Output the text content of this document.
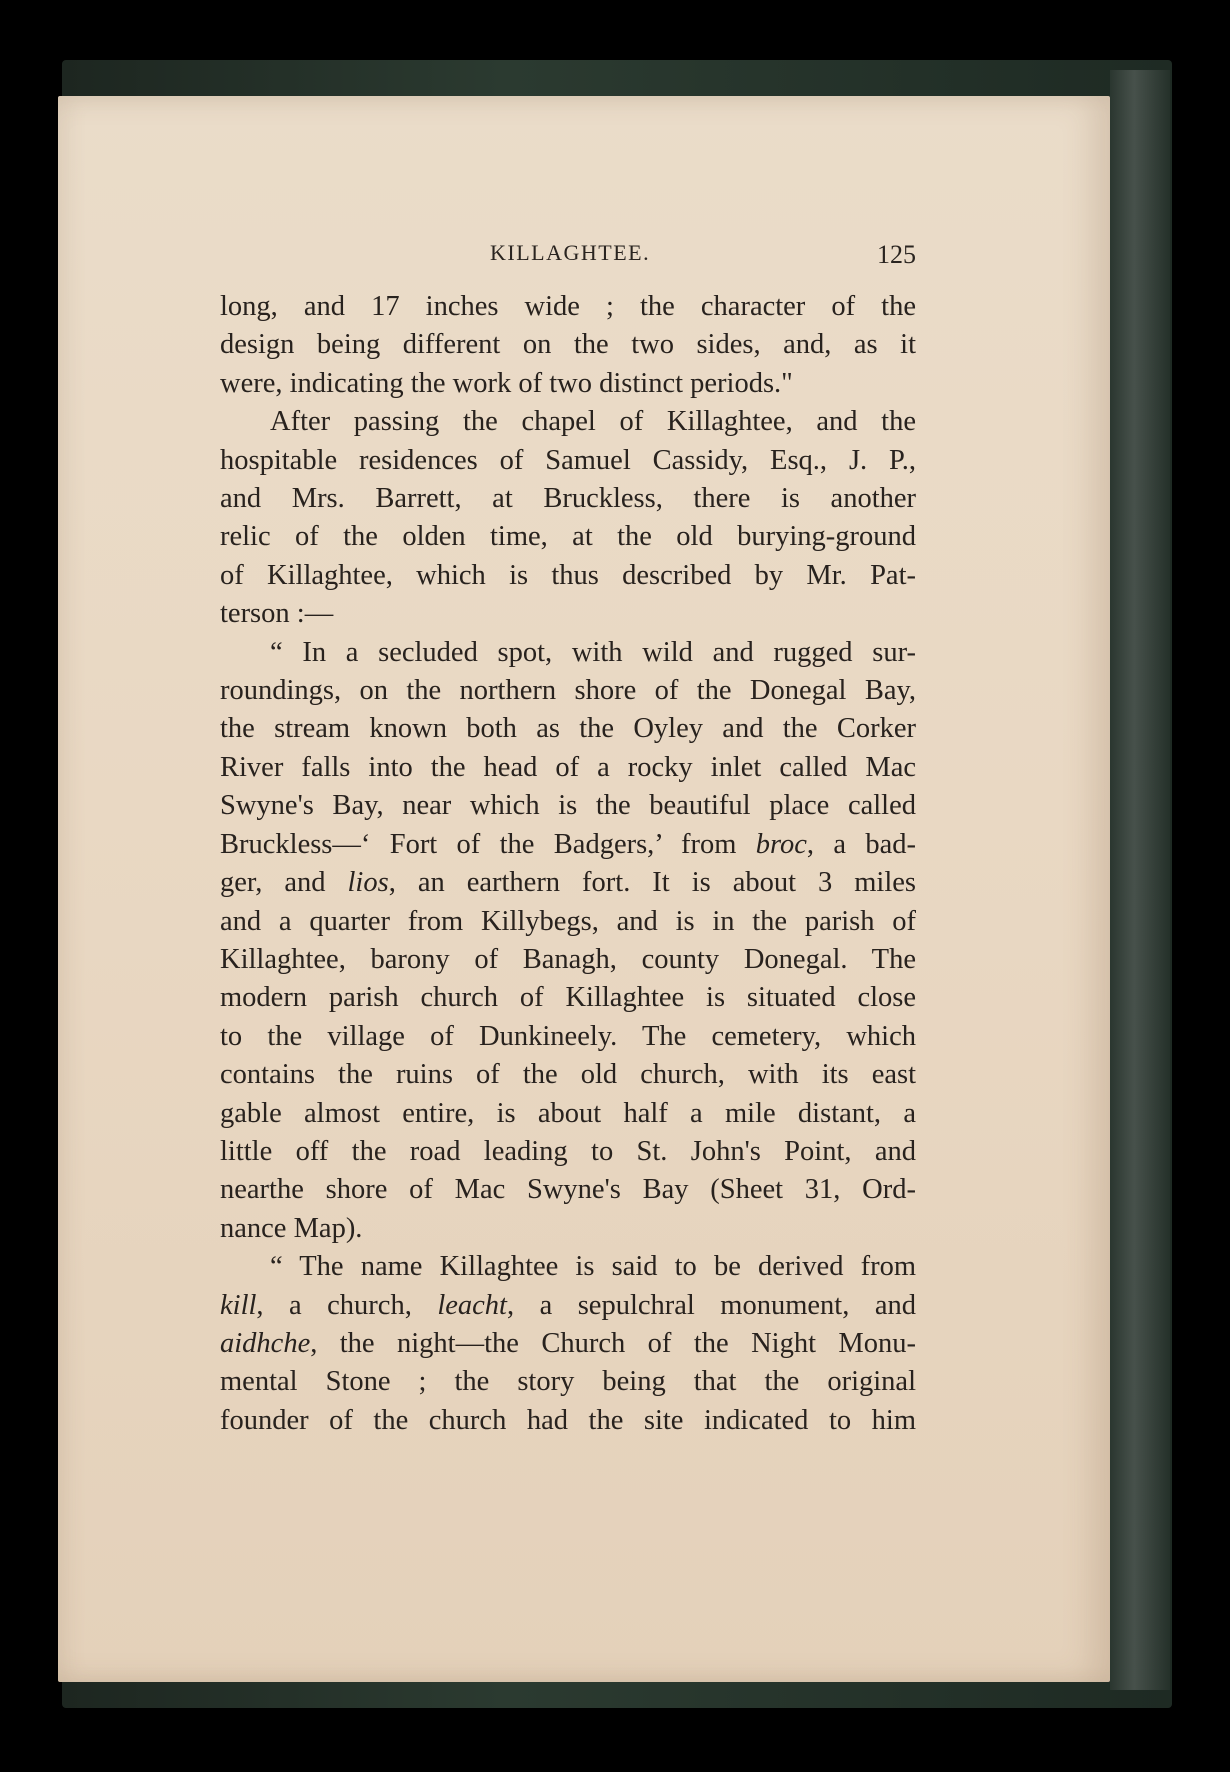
KILLAGHTEE.	125

long, and 17 inches wide ; the character of the
design being different on the two sides, and, as it
were, indicating the work of two distinct periods."

After passing the chapel of Killaghtee, and the
hospitable residences of Samuel Cassidy, Esq., J. P.,
and Mrs. Barrett, at Bruckless, there is another
relic of the olden time, at the old burying-ground
of Killaghtee, which is thus described by Mr. Pat-
terson :—

“ In a secluded spot, with wild and rugged sur-
roundings, on the northern shore of the Donegal Bay,
the stream known both as the Oyley and the Corker
River falls into the head of a rocky inlet called Mac
Swyne's Bay, near which is the beautiful place called
Bruckless—‘ Fort of the Badgers,’ from broc, a bad-
ger, and lios, an earthern fort. It is about 3 miles
and a quarter from Killybegs, and is in the parish of
Killaghtee, barony of Banagh, county Donegal. The
modern parish church of Killaghtee is situated close
to the village of Dunkineely. The cemetery, which
contains the ruins of the old church, with its east
gable almost entire, is about half a mile distant, a
little off the road leading to St. John's Point, and
nearthe shore of Mac Swyne's Bay (Sheet 31, Ord-
nance Map).

“ The name Killaghtee is said to be derived from
kill, a church, leacht, a sepulchral monument, and
aidhche, the night—the Church of the Night Monu-
mental Stone ; the story being that the original
founder of the church had the site indicated to him
